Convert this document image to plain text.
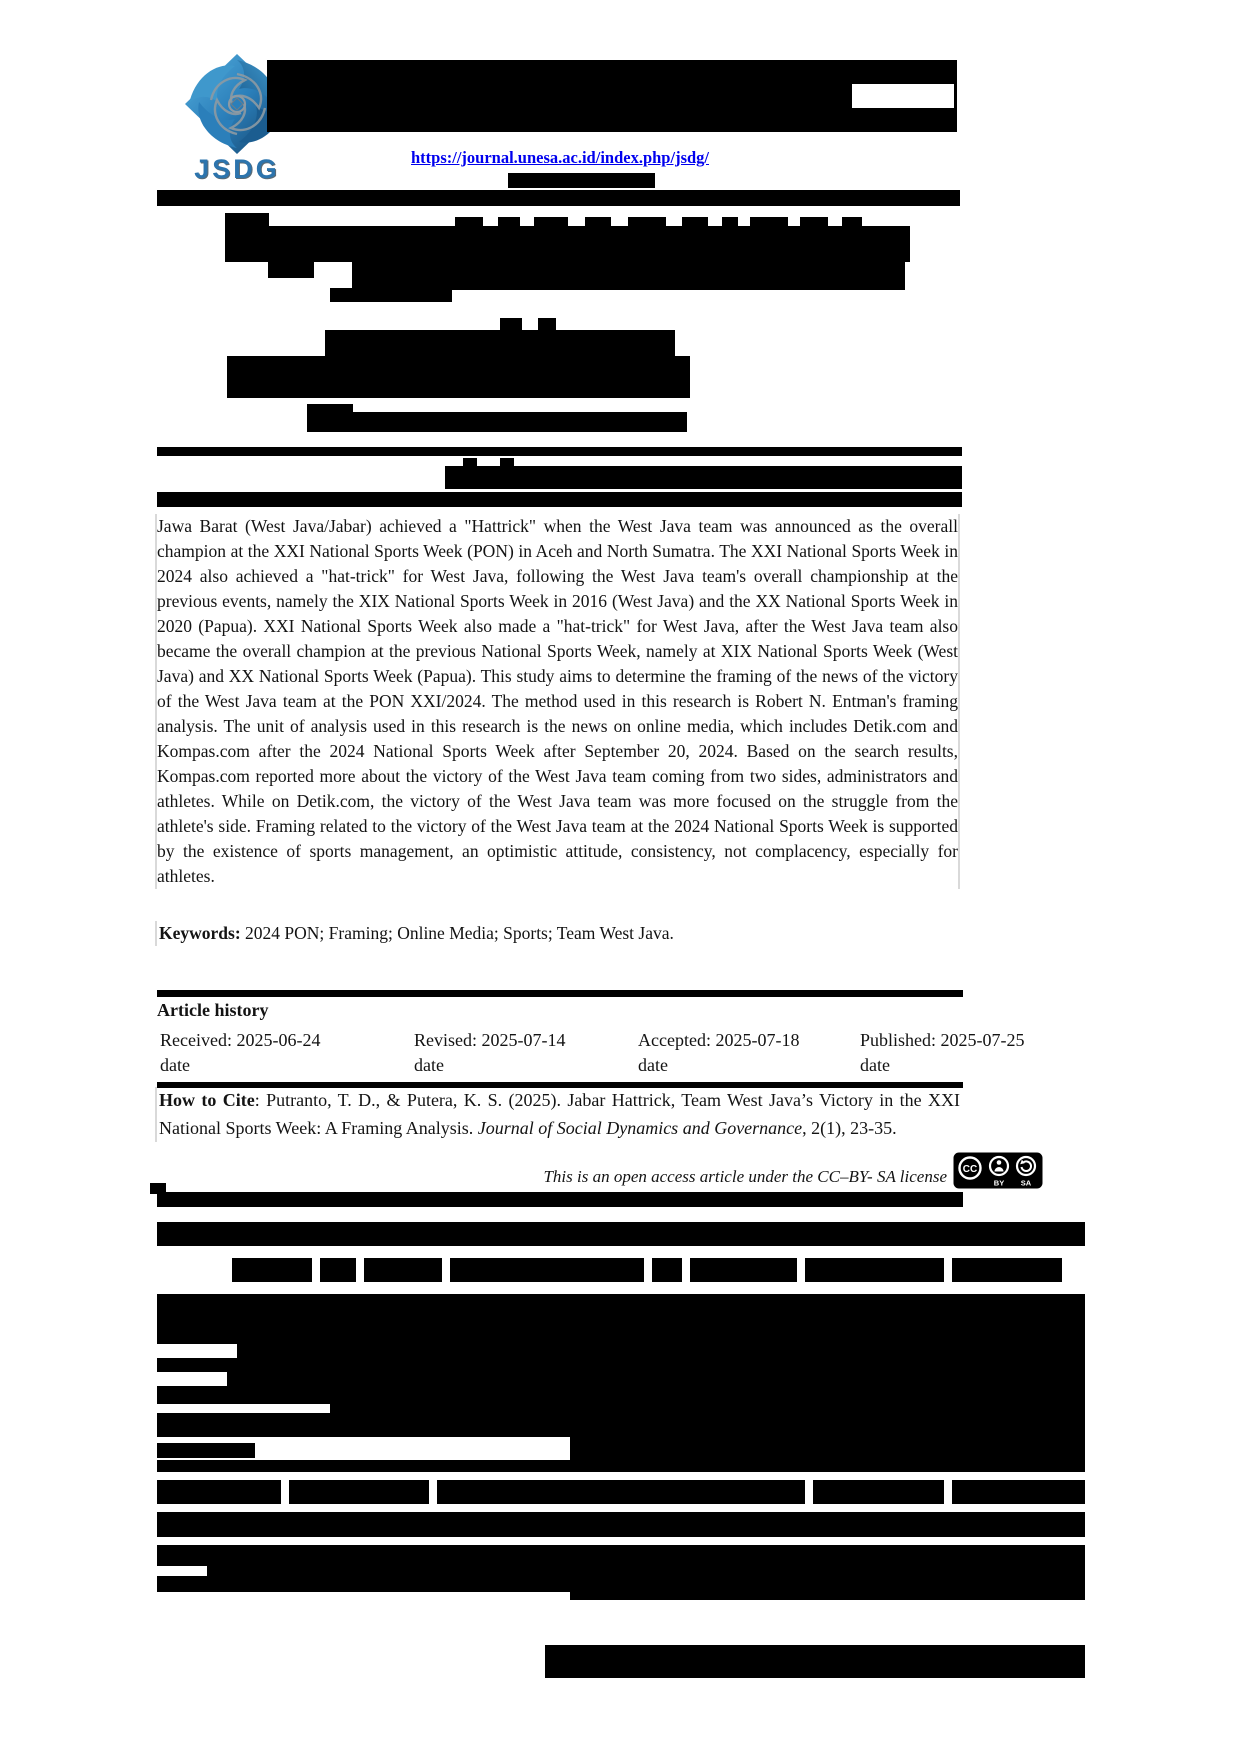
JSDG	https://journal.unesa.ac.id/index.php/jsdg/
Jawa Barat (West Java/Jabar) achieved a "Hattrick" when the West Java team was announced as the overall champion at the XXI National Sports Week (PON) in Aceh and North Sumatra. The XXI National Sports Week in 2024 also achieved a "hat-trick" for West Java, following the West Java team's overall championship at the previous events, namely the XIX National Sports Week in 2016 (West Java) and the XX National Sports Week in 2020 (Papua). XXI National Sports Week also made a "hat-trick" for West Java, after the West Java team also became the overall champion at the previous National Sports Week, namely at XIX National Sports Week (West Java) and XX National Sports Week (Papua). This study aims to determine the framing of the news of the victory of the West Java team at the PON XXI/2024. The method used in this research is Robert N. Entman's framing analysis. The unit of analysis used in this research is the news on online media, which includes Detik.com and Kompas.com after the 2024 National Sports Week after September 20, 2024. Based on the search results, Kompas.com reported more about the victory of the West Java team coming from two sides, administrators and athletes. While on Detik.com, the victory of the West Java team was more focused on the struggle from the athlete's side. Framing related to the victory of the West Java team at the 2024 National Sports Week is supported by the existence of sports management, an optimistic attitude, consistency, not complacency, especially for athletes.
Keywords: 2024 PON; Framing; Online Media; Sports; Team West Java.
Article history
Received: 2025-06-24	Revised: 2025-07-14	Accepted: 2025-07-18	Published: 2025-07-25
date	date	date	date
How to Cite: Putranto, T. D., & Putera, K. S. (2025). Jabar Hattrick, Team West Java’s Victory in the XXI National Sports Week: A Framing Analysis. Journal of Social Dynamics and Governance, 2(1), 23-35.
This is an open access article under the CC–BY- SA license CC
BY SA
